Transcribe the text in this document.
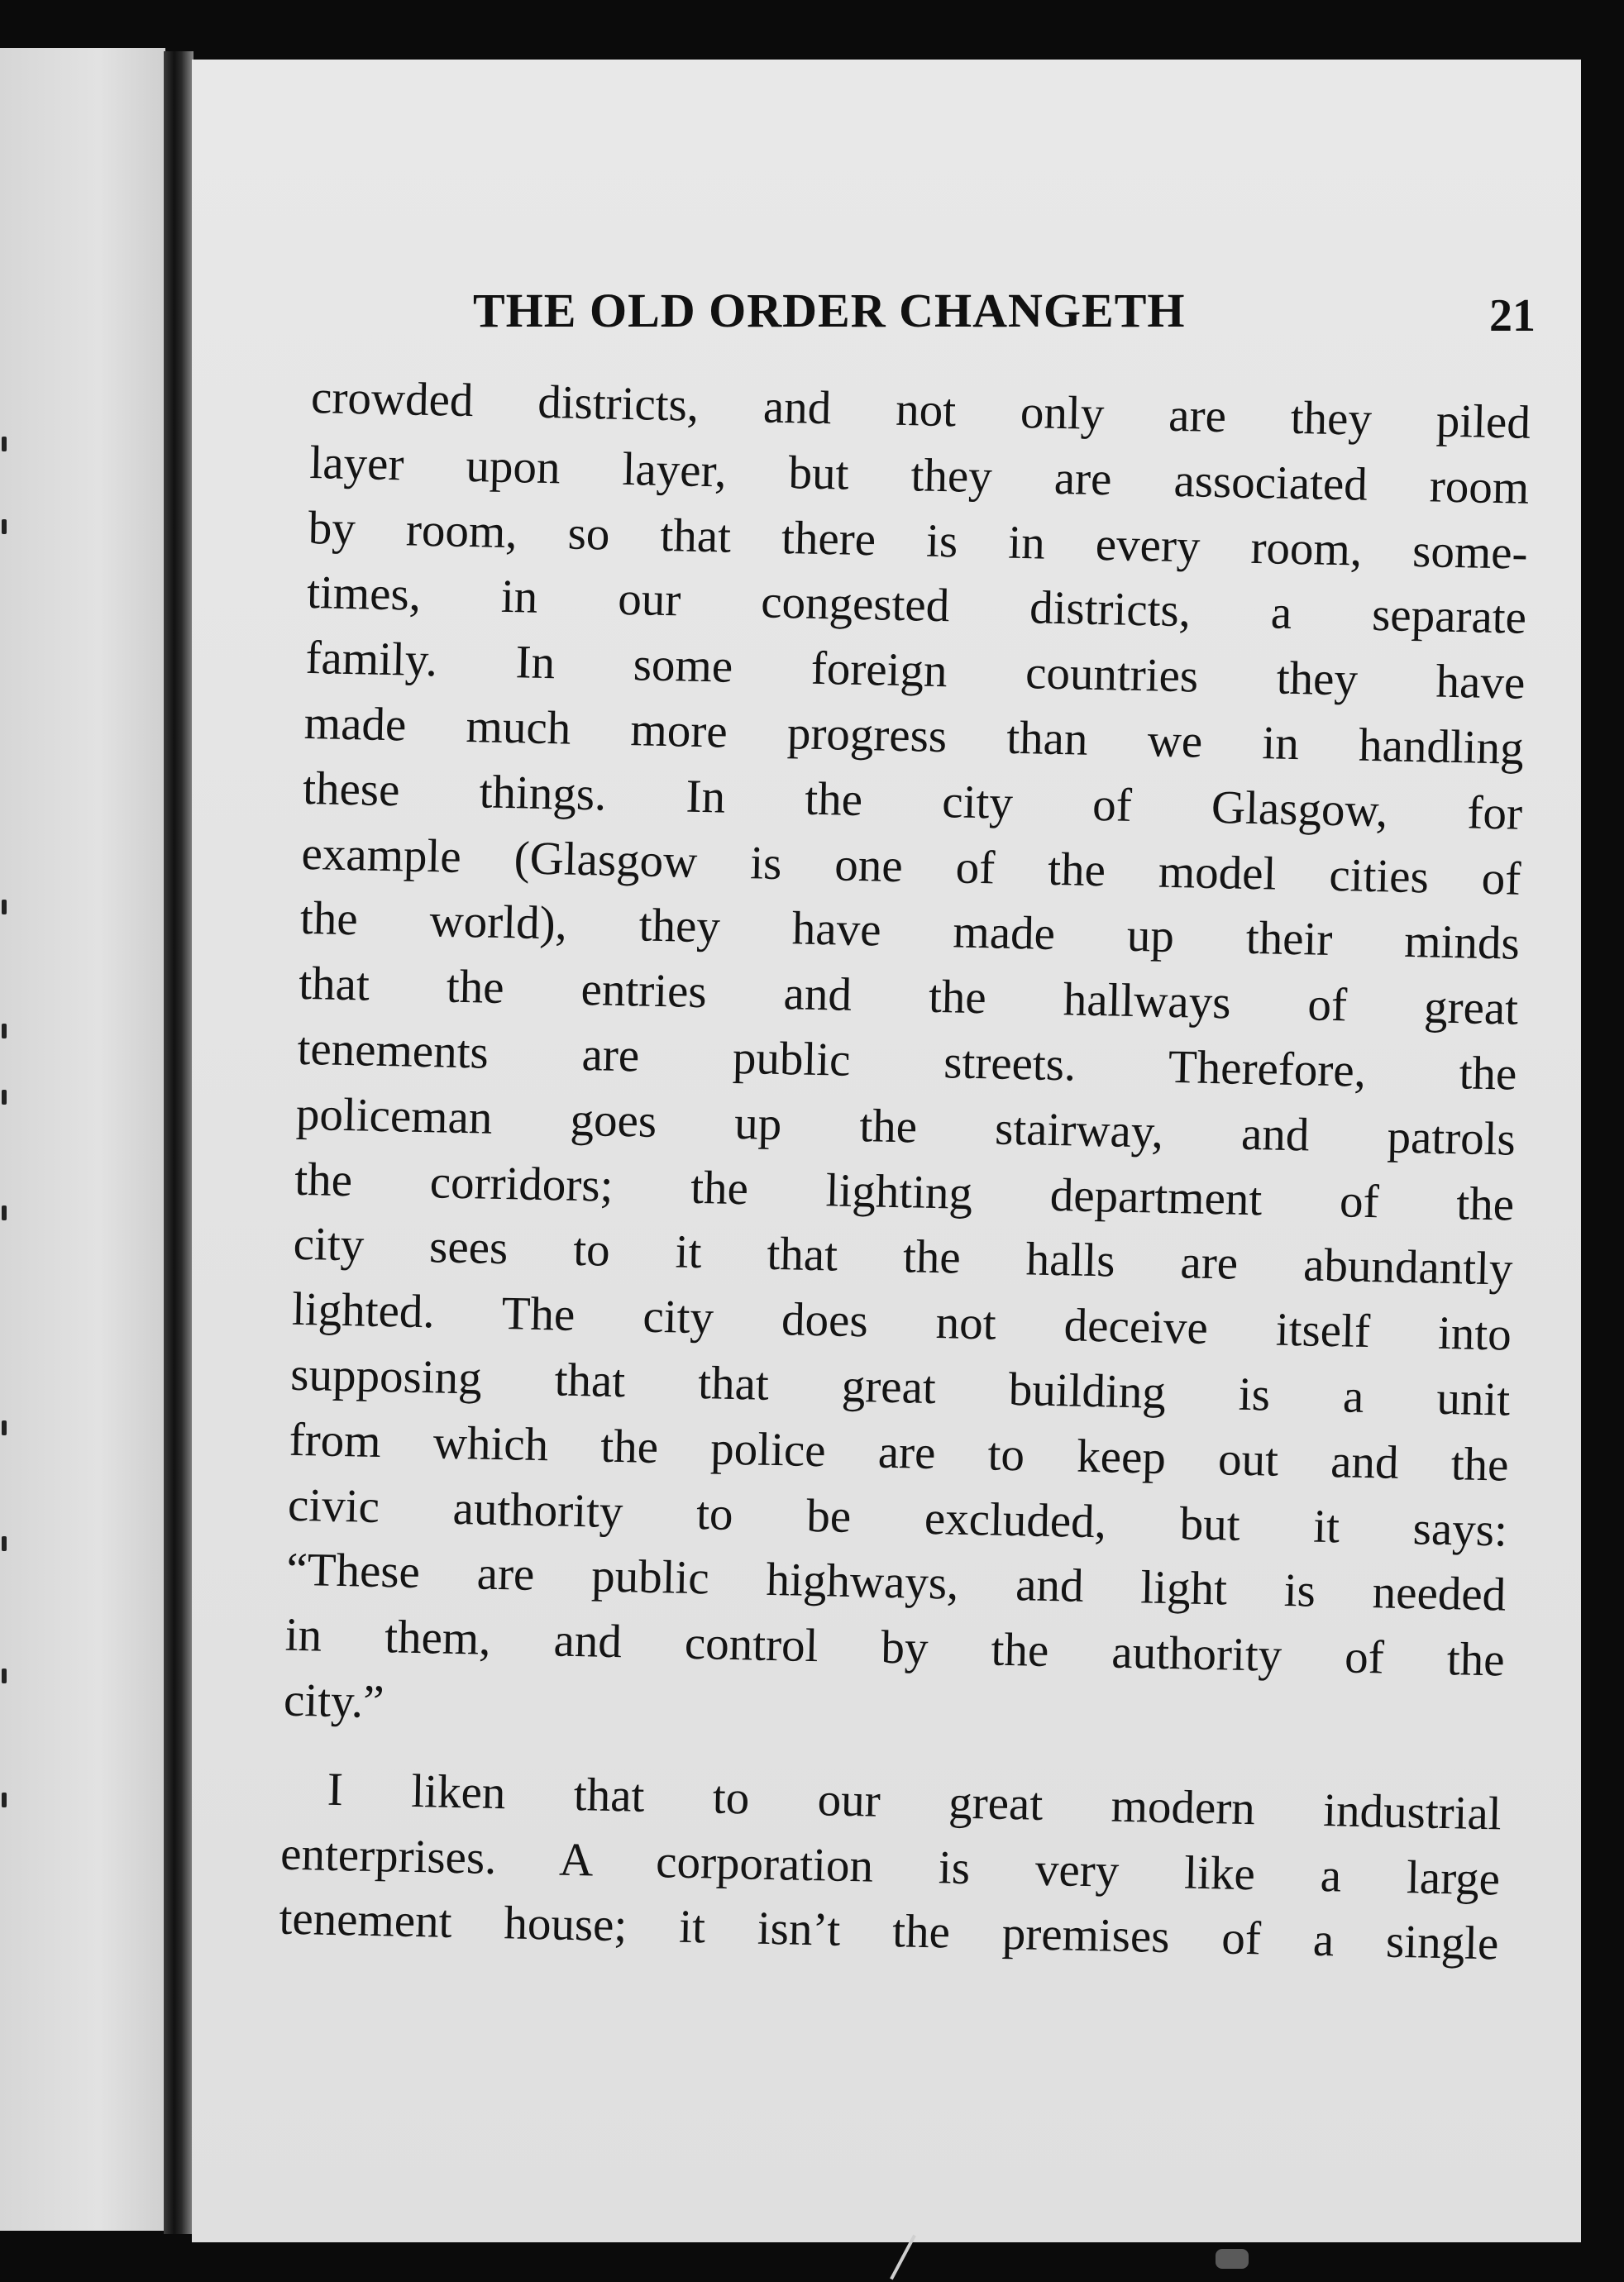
THE OLD ORDER CHANGETH	21
crowded districts, and not only are they piled
layer upon layer, but they are associated room
by room, so that there is in every room, some-
times, in our congested districts, a separate
family. In some foreign countries they have
made much more progress than we in handling
these things. In the city of Glasgow, for
example (Glasgow is one of the model cities of
the world), they have made up their minds
that the entries and the hallways of great
tenements are public streets. Therefore, the
policeman goes up the stairway, and patrols
the corridors; the lighting department of the
city sees to it that the halls are abundantly
lighted. The city does not deceive itself into
supposing that that great building is a unit
from which the police are to keep out and the
civic authority to be excluded, but it says:
“These are public highways, and light is needed
in them, and control by the authority of the
city.”
I liken that to our great modern industrial
enterprises. A corporation is very like a large
tenement house; it isn’t the premises of a single
